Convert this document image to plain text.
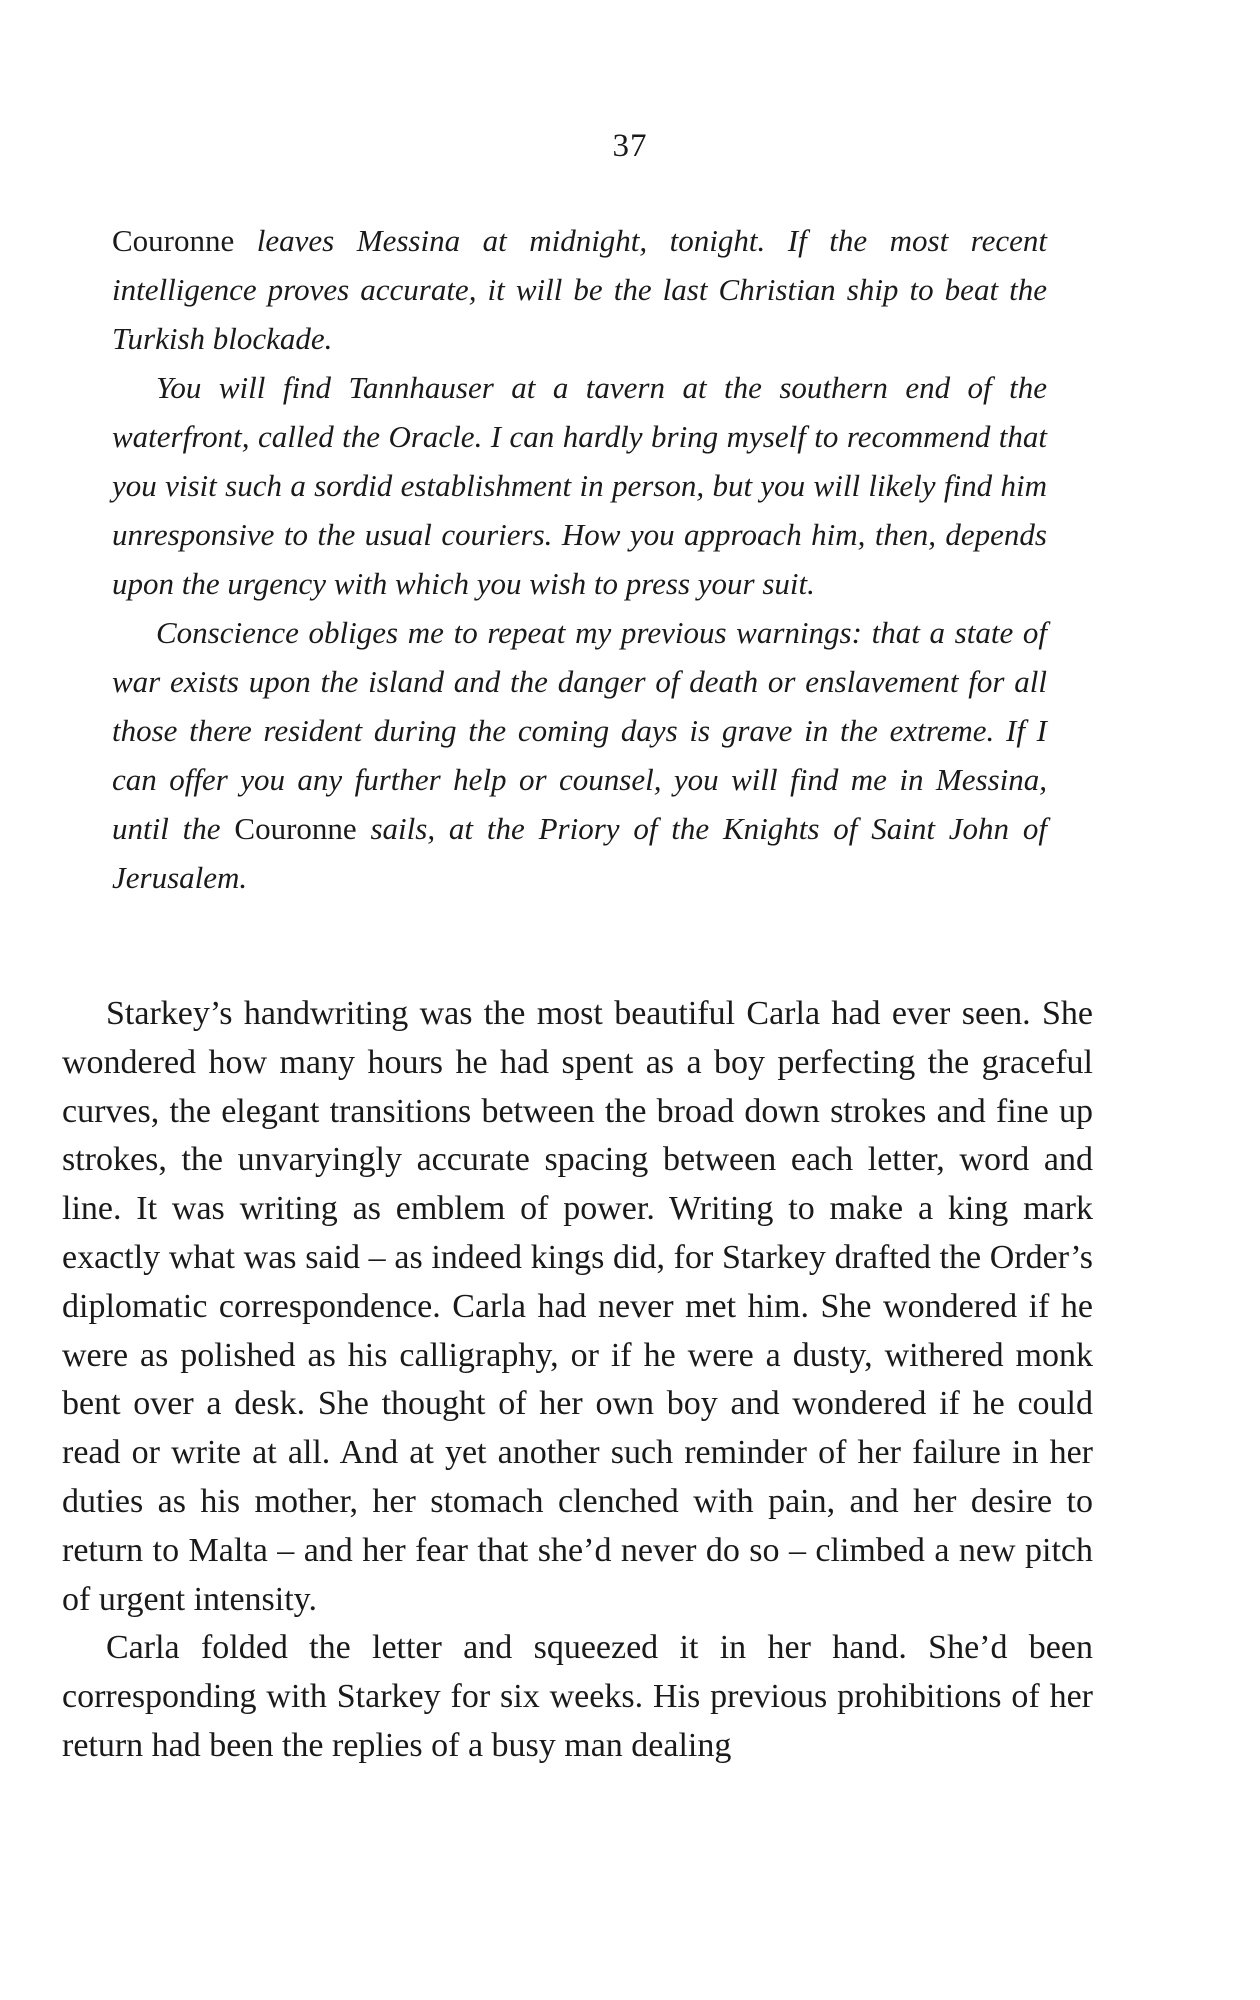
37

Couronne leaves Messina at midnight, tonight. If the most recent intelligence proves accurate, it will be the last Christian ship to beat the Turkish blockade.

You will find Tannhauser at a tavern at the southern end of the waterfront, called the Oracle. I can hardly bring myself to recommend that you visit such a sordid establishment in person, but you will likely find him unresponsive to the usual couriers. How you approach him, then, depends upon the urgency with which you wish to press your suit.

Conscience obliges me to repeat my previous warnings: that a state of war exists upon the island and the danger of death or enslavement for all those there resident during the coming days is grave in the extreme. If I can offer you any further help or counsel, you will find me in Messina, until the Couronne sails, at the Priory of the Knights of Saint John of Jerusalem.

Starkey’s handwriting was the most beautiful Carla had ever seen. She wondered how many hours he had spent as a boy perfecting the graceful curves, the elegant transitions between the broad down strokes and fine up strokes, the unvaryingly accurate spacing between each letter, word and line. It was writing as emblem of power. Writing to make a king mark exactly what was said – as indeed kings did, for Starkey drafted the Order’s diplomatic correspondence. Carla had never met him. She wondered if he were as polished as his calligraphy, or if he were a dusty, withered monk bent over a desk. She thought of her own boy and wondered if he could read or write at all. And at yet another such reminder of her failure in her duties as his mother, her stomach clenched with pain, and her desire to return to Malta – and her fear that she’d never do so – climbed a new pitch of urgent intensity.

Carla folded the letter and squeezed it in her hand. She’d been corresponding with Starkey for six weeks. His previous prohibitions of her return had been the replies of a busy man dealing
